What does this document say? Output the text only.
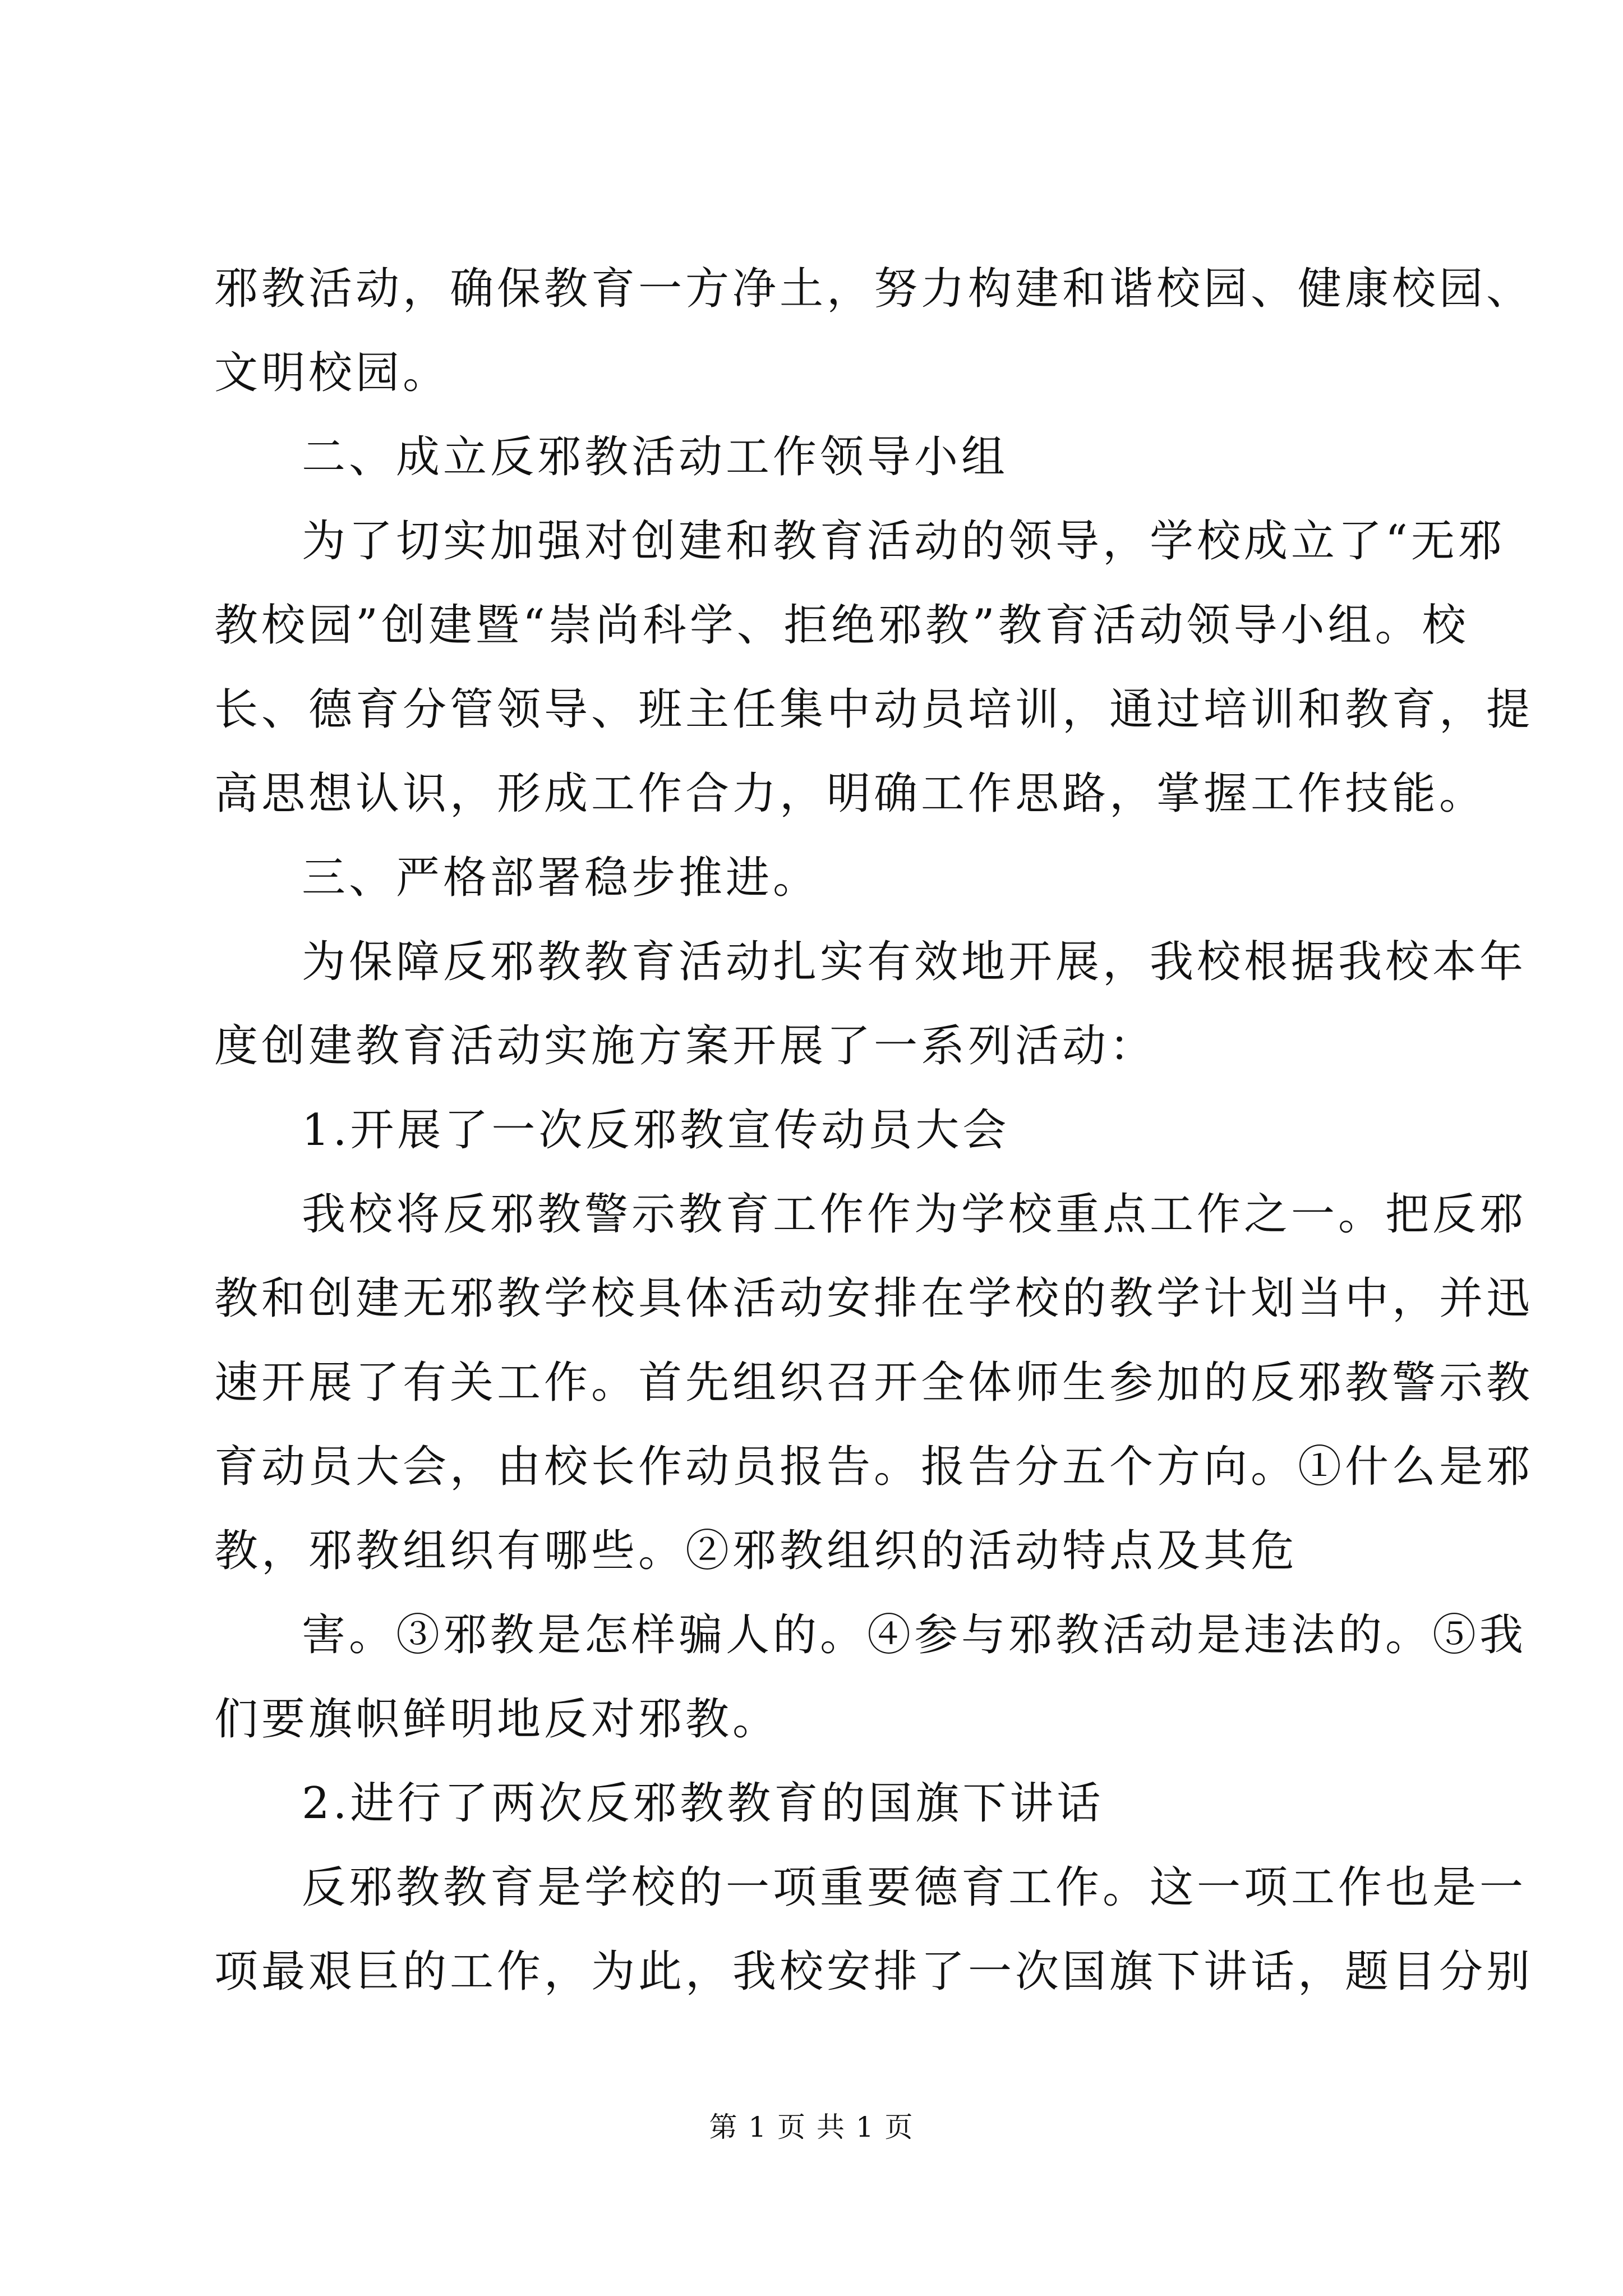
邪教活动，确保教育一方净土，努力构建和谐校园、健康校园、
文明校园。
二、成立反邪教活动工作领导小组
为了切实加强对创建和教育活动的领导，学校成立了“无邪
教校园”创建暨“崇尚科学、拒绝邪教”教育活动领导小组。校
长、德育分管领导、班主任集中动员培训，通过培训和教育，提
高思想认识，形成工作合力，明确工作思路，掌握工作技能。
三、严格部署稳步推进。
为保障反邪教教育活动扎实有效地开展，我校根据我校本年
度创建教育活动实施方案开展了一系列活动：
1.开展了一次反邪教宣传动员大会
我校将反邪教警示教育工作作为学校重点工作之一。把反邪
教和创建无邪教学校具体活动安排在学校的教学计划当中，并迅
速开展了有关工作。首先组织召开全体师生参加的反邪教警示教
育动员大会，由校长作动员报告。报告分五个方向。①什么是邪
教，邪教组织有哪些。②邪教组织的活动特点及其危
害。③邪教是怎样骗人的。④参与邪教活动是违法的。⑤我
们要旗帜鲜明地反对邪教。
2.进行了两次反邪教教育的国旗下讲话
反邪教教育是学校的一项重要德育工作。这一项工作也是一
项最艰巨的工作，为此，我校安排了一次国旗下讲话，题目分别
第 1 页 共 1 页
